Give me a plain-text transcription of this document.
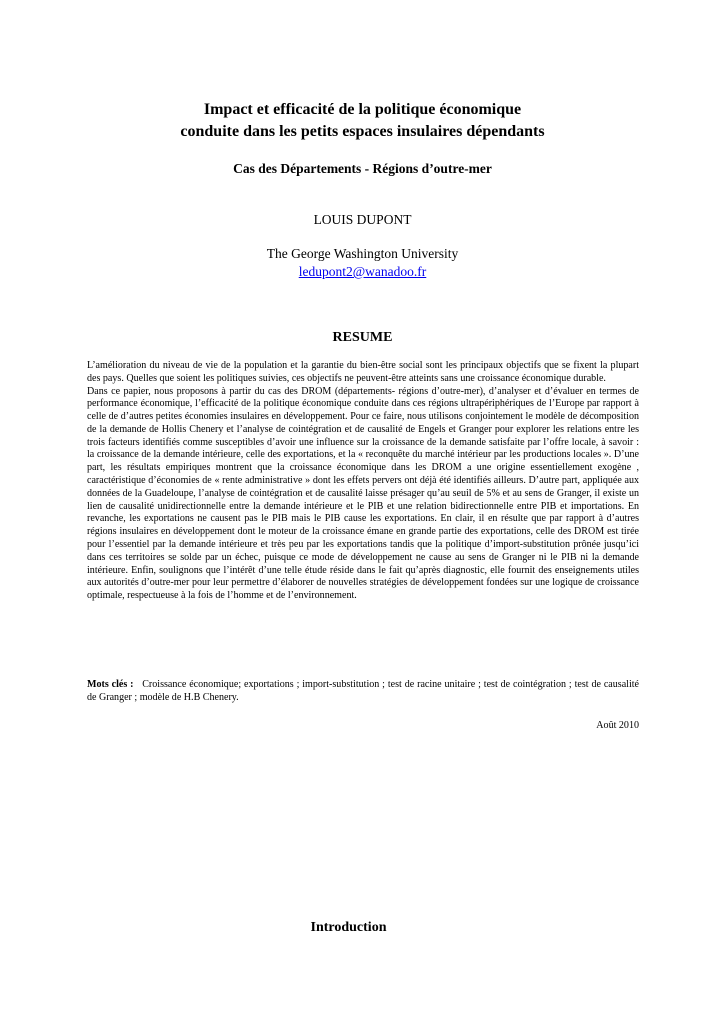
Impact et efficacité de la politique économique
conduite dans les petits espaces insulaires dépendants
Cas des Départements - Régions d’outre-mer
LOUIS DUPONT
The George Washington University
ledupont2@wanadoo.fr
RESUME

L’amélioration du niveau de vie de la population et la garantie du bien-être social sont les principaux objectifs que se fixent la plupart des pays. Quelles que soient les politiques suivies, ces objectifs ne peuvent-être atteints sans une croissance économique durable.

Dans ce papier, nous proposons à partir du cas des DROM (départements- régions d’outre-mer), d’analyser et d’évaluer en termes de performance économique, l’efficacité de la politique économique conduite dans ces régions ultrapériphériques de l’Europe par rapport à celle de d’autres petites économies insulaires en développement. Pour ce faire, nous utilisons conjointement le modèle de décomposition de la demande de Hollis Chenery et l’analyse de cointégration et de causalité de Engels et Granger pour explorer les relations entre les trois facteurs identifiés comme susceptibles d’avoir une influence sur la croissance de la demande satisfaite par l’offre locale, à savoir : la croissance de la demande intérieure, celle des exportations, et la « reconquête du marché intérieur par les productions locales ». D’une part, les résultats empiriques montrent que la croissance économique dans les DROM a une origine essentiellement exogène , caractéristique d’économies de « rente administrative » dont les effets pervers ont déjà été identifiés ailleurs. D’autre part, appliquée aux données de la Guadeloupe, l’analyse de cointégration et de causalité laisse présager qu’au seuil de 5% et au sens de Granger, il existe un lien de causalité unidirectionnelle entre la demande intérieure et le PIB et une relation bidirectionnelle entre PIB et importations. En revanche, les exportations ne causent pas le PIB mais le PIB cause les exportations. En clair, il en résulte que par rapport à d’autres régions insulaires en développement dont le moteur de la croissance émane en grande partie des exportations, celle des DROM est tirée pour l’essentiel par la demande intérieure et très peu par les exportations tandis que la politique d’import-substitution prônée jusqu’ici dans ces territoires se solde par un échec, puisque ce mode de développement ne cause au sens de Granger ni le PIB ni la demande intérieure. Enfin, soulignons que l’intérêt d’une telle étude réside dans le fait qu’après diagnostic, elle fournit des enseignements utiles aux autorités d’outre-mer pour leur permettre d’élaborer de nouvelles stratégies de développement fondées sur une logique de croissance optimale, respectueuse à la fois de l’homme et de l’environnement.

Mots clés : Croissance économique; exportations ; import-substitution ; test de racine unitaire ; test de cointégration ; test de causalité de Granger ; modèle de H.B Chenery.
Août 2010
Introduction
